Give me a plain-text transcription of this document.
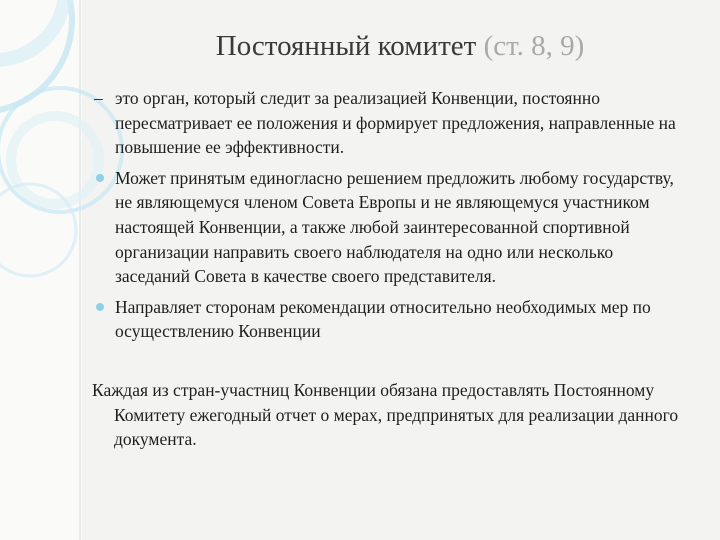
Постоянный комитет (ст. 8, 9)
– это орган, который следит за реализацией Конвенции, постоянно пересматривает ее положения и формирует предложения, направленные на повышение ее эффективности.
Может принятым единогласно решением предложить любому государству, не являющемуся членом Совета Европы и не являющемуся участником настоящей Конвенции, а также любой заинтересованной спортивной организации направить своего наблюдателя на одно или несколько заседаний Совета в качестве своего представителя.
Направляет сторонам рекомендации относительно необходимых мер по осуществлению Конвенции
Каждая из стран-участниц Конвенции обязана предоставлять Постоянному Комитету ежегодный отчет о мерах, предпринятых для реализации данного документа.
